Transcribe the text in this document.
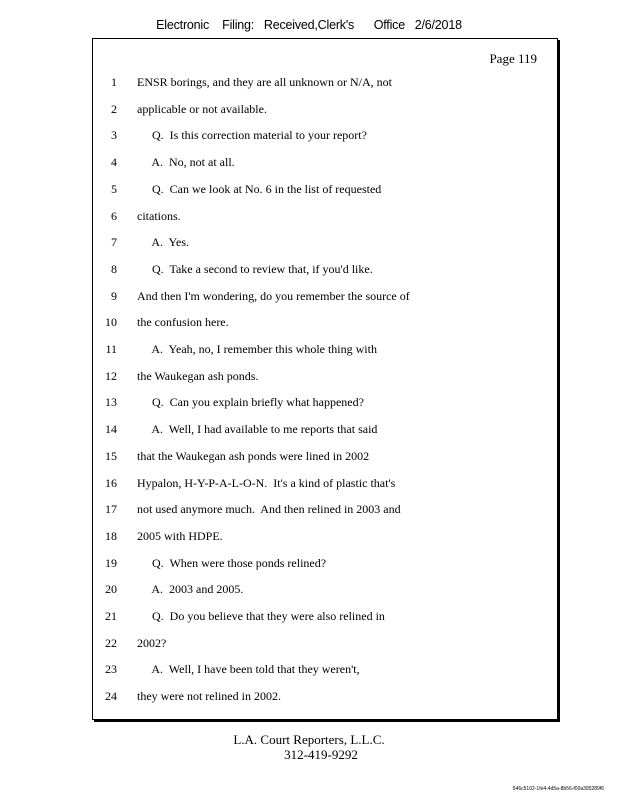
Electronic    Filing:   Received,Clerk's      Office   2/6/2018
Page 119
1 ENSR borings, and they are all unknown or N/A, not
2 applicable or not available.
3 Q.  Is this correction material to your report?
4 A.  No, not at all.
5 Q.  Can we look at No. 6 in the list of requested
6 citations.
7 A.  Yes.
8 Q.  Take a second to review that, if you'd like.
9 And then I'm wondering, do you remember the source of
10 the confusion here.
11 A.  Yeah, no, I remember this whole thing with
12 the Waukegan ash ponds.
13 Q.  Can you explain briefly what happened?
14 A.  Well, I had available to me reports that said
15 that the Waukegan ash ponds were lined in 2002
16 Hypalon, H-Y-P-A-L-O-N.  It's a kind of plastic that's
17 not used anymore much.  And then relined in 2003 and
18 2005 with HDPE.
19 Q.  When were those ponds relined?
20 A.  2003 and 2005.
21 Q.  Do you believe that they were also relined in
22 2002?
23 A.  Well, I have been told that they weren't,
24 they were not relined in 2002.
L.A. Court Reporters, L.L.C.
312-419-9292
546c5102-1fe4-4d5a-8b56-f00a395289f6
